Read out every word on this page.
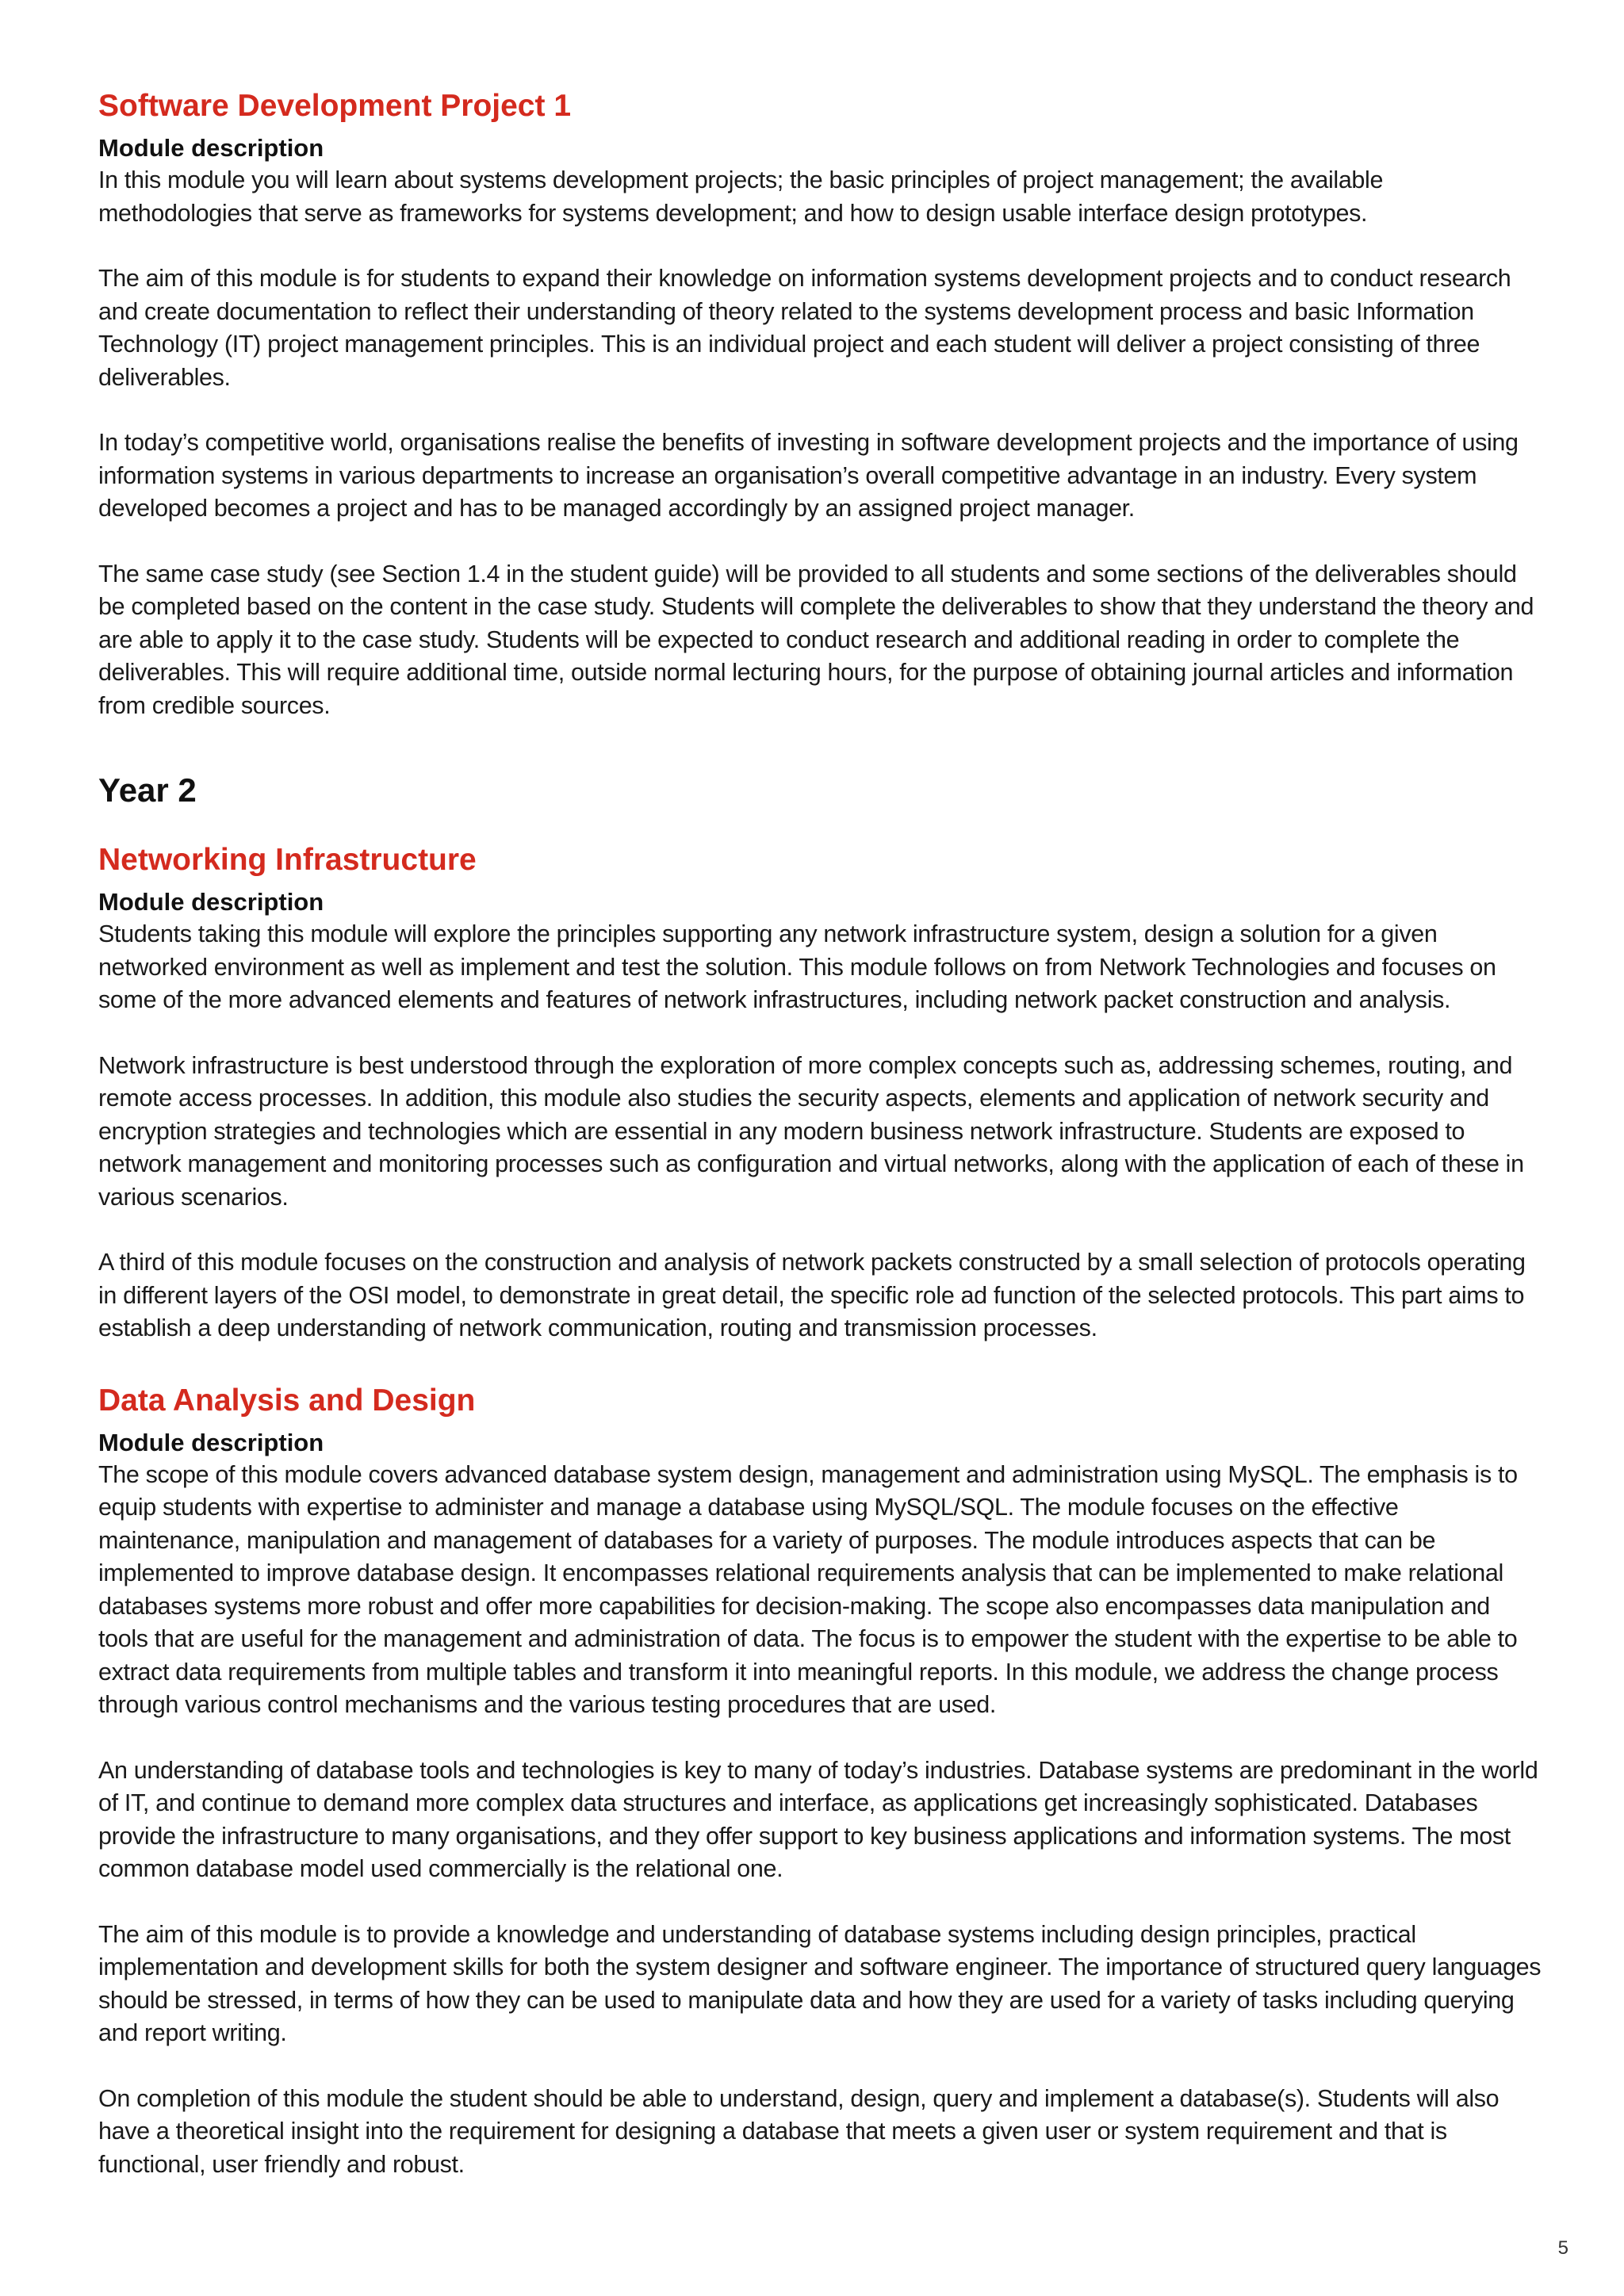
Software Development Project 1
Module description

In this module you will learn about systems development projects; the basic principles of project management; the available methodologies that serve as frameworks for systems development; and how to design usable interface design prototypes.

The aim of this module is for students to expand their knowledge on information systems development projects and to conduct research and create documentation to reflect their understanding of theory related to the systems development process and basic Information Technology (IT) project management principles. This is an individual project and each student will deliver a project consisting of three deliverables.

In today’s competitive world, organisations realise the benefits of investing in software development projects and the importance of using information systems in various departments to increase an organisation’s overall competitive advantage in an industry. Every system developed becomes a project and has to be managed accordingly by an assigned project manager.

The same case study (see Section 1.4 in the student guide) will be provided to all students and some sections of the deliverables should be completed based on the content in the case study. Students will complete the deliverables to show that they understand the theory and are able to apply it to the case study. Students will be expected to conduct research and additional reading in order to complete the deliverables. This will require additional time, outside normal lecturing hours, for the purpose of obtaining journal articles and information from credible sources.

Year 2
Networking Infrastructure
Module description

Students taking this module will explore the principles supporting any network infrastructure system, design a solution for a given networked environment as well as implement and test the solution. This module follows on from Network Technologies and focuses on some of the more advanced elements and features of network infrastructures, including network packet construction and analysis.

Network infrastructure is best understood through the exploration of more complex concepts such as, addressing schemes, routing, and remote access processes. In addition, this module also studies the security aspects, elements and application of network security and encryption strategies and technologies which are essential in any modern business network infrastructure. Students are exposed to network management and monitoring processes such as configuration and virtual networks, along with the application of each of these in various scenarios.

A third of this module focuses on the construction and analysis of network packets constructed by a small selection of protocols operating in different layers of the OSI model, to demonstrate in great detail, the specific role ad function of the selected protocols. This part aims to establish a deep understanding of network communication, routing and transmission processes.

Data Analysis and Design
Module description

The scope of this module covers advanced database system design, management and administration using MySQL. The emphasis is to equip students with expertise to administer and manage a database using MySQL/SQL. The module focuses on the effective maintenance, manipulation and management of databases for a variety of purposes. The module introduces aspects that can be implemented to improve database design. It encompasses relational requirements analysis that can be implemented to make relational databases systems more robust and offer more capabilities for decision-making. The scope also encompasses data manipulation and tools that are useful for the management and administration of data. The focus is to empower the student with the expertise to be able to extract data requirements from multiple tables and transform it into meaningful reports. In this module, we address the change process through various control mechanisms and the various testing procedures that are used.

An understanding of database tools and technologies is key to many of today’s industries. Database systems are predominant in the world of IT, and continue to demand more complex data structures and interface, as applications get increasingly sophisticated. Databases provide the infrastructure to many organisations, and they offer support to key business applications and information systems. The most common database model used commercially is the relational one.

The aim of this module is to provide a knowledge and understanding of database systems including design principles, practical implementation and development skills for both the system designer and software engineer. The importance of structured query languages should be stressed, in terms of how they can be used to manipulate data and how they are used for a variety of tasks including querying and report writing.

On completion of this module the student should be able to understand, design, query and implement a database(s). Students will also have a theoretical insight into the requirement for designing a database that meets a given user or system requirement and that is functional, user friendly and robust.

5
